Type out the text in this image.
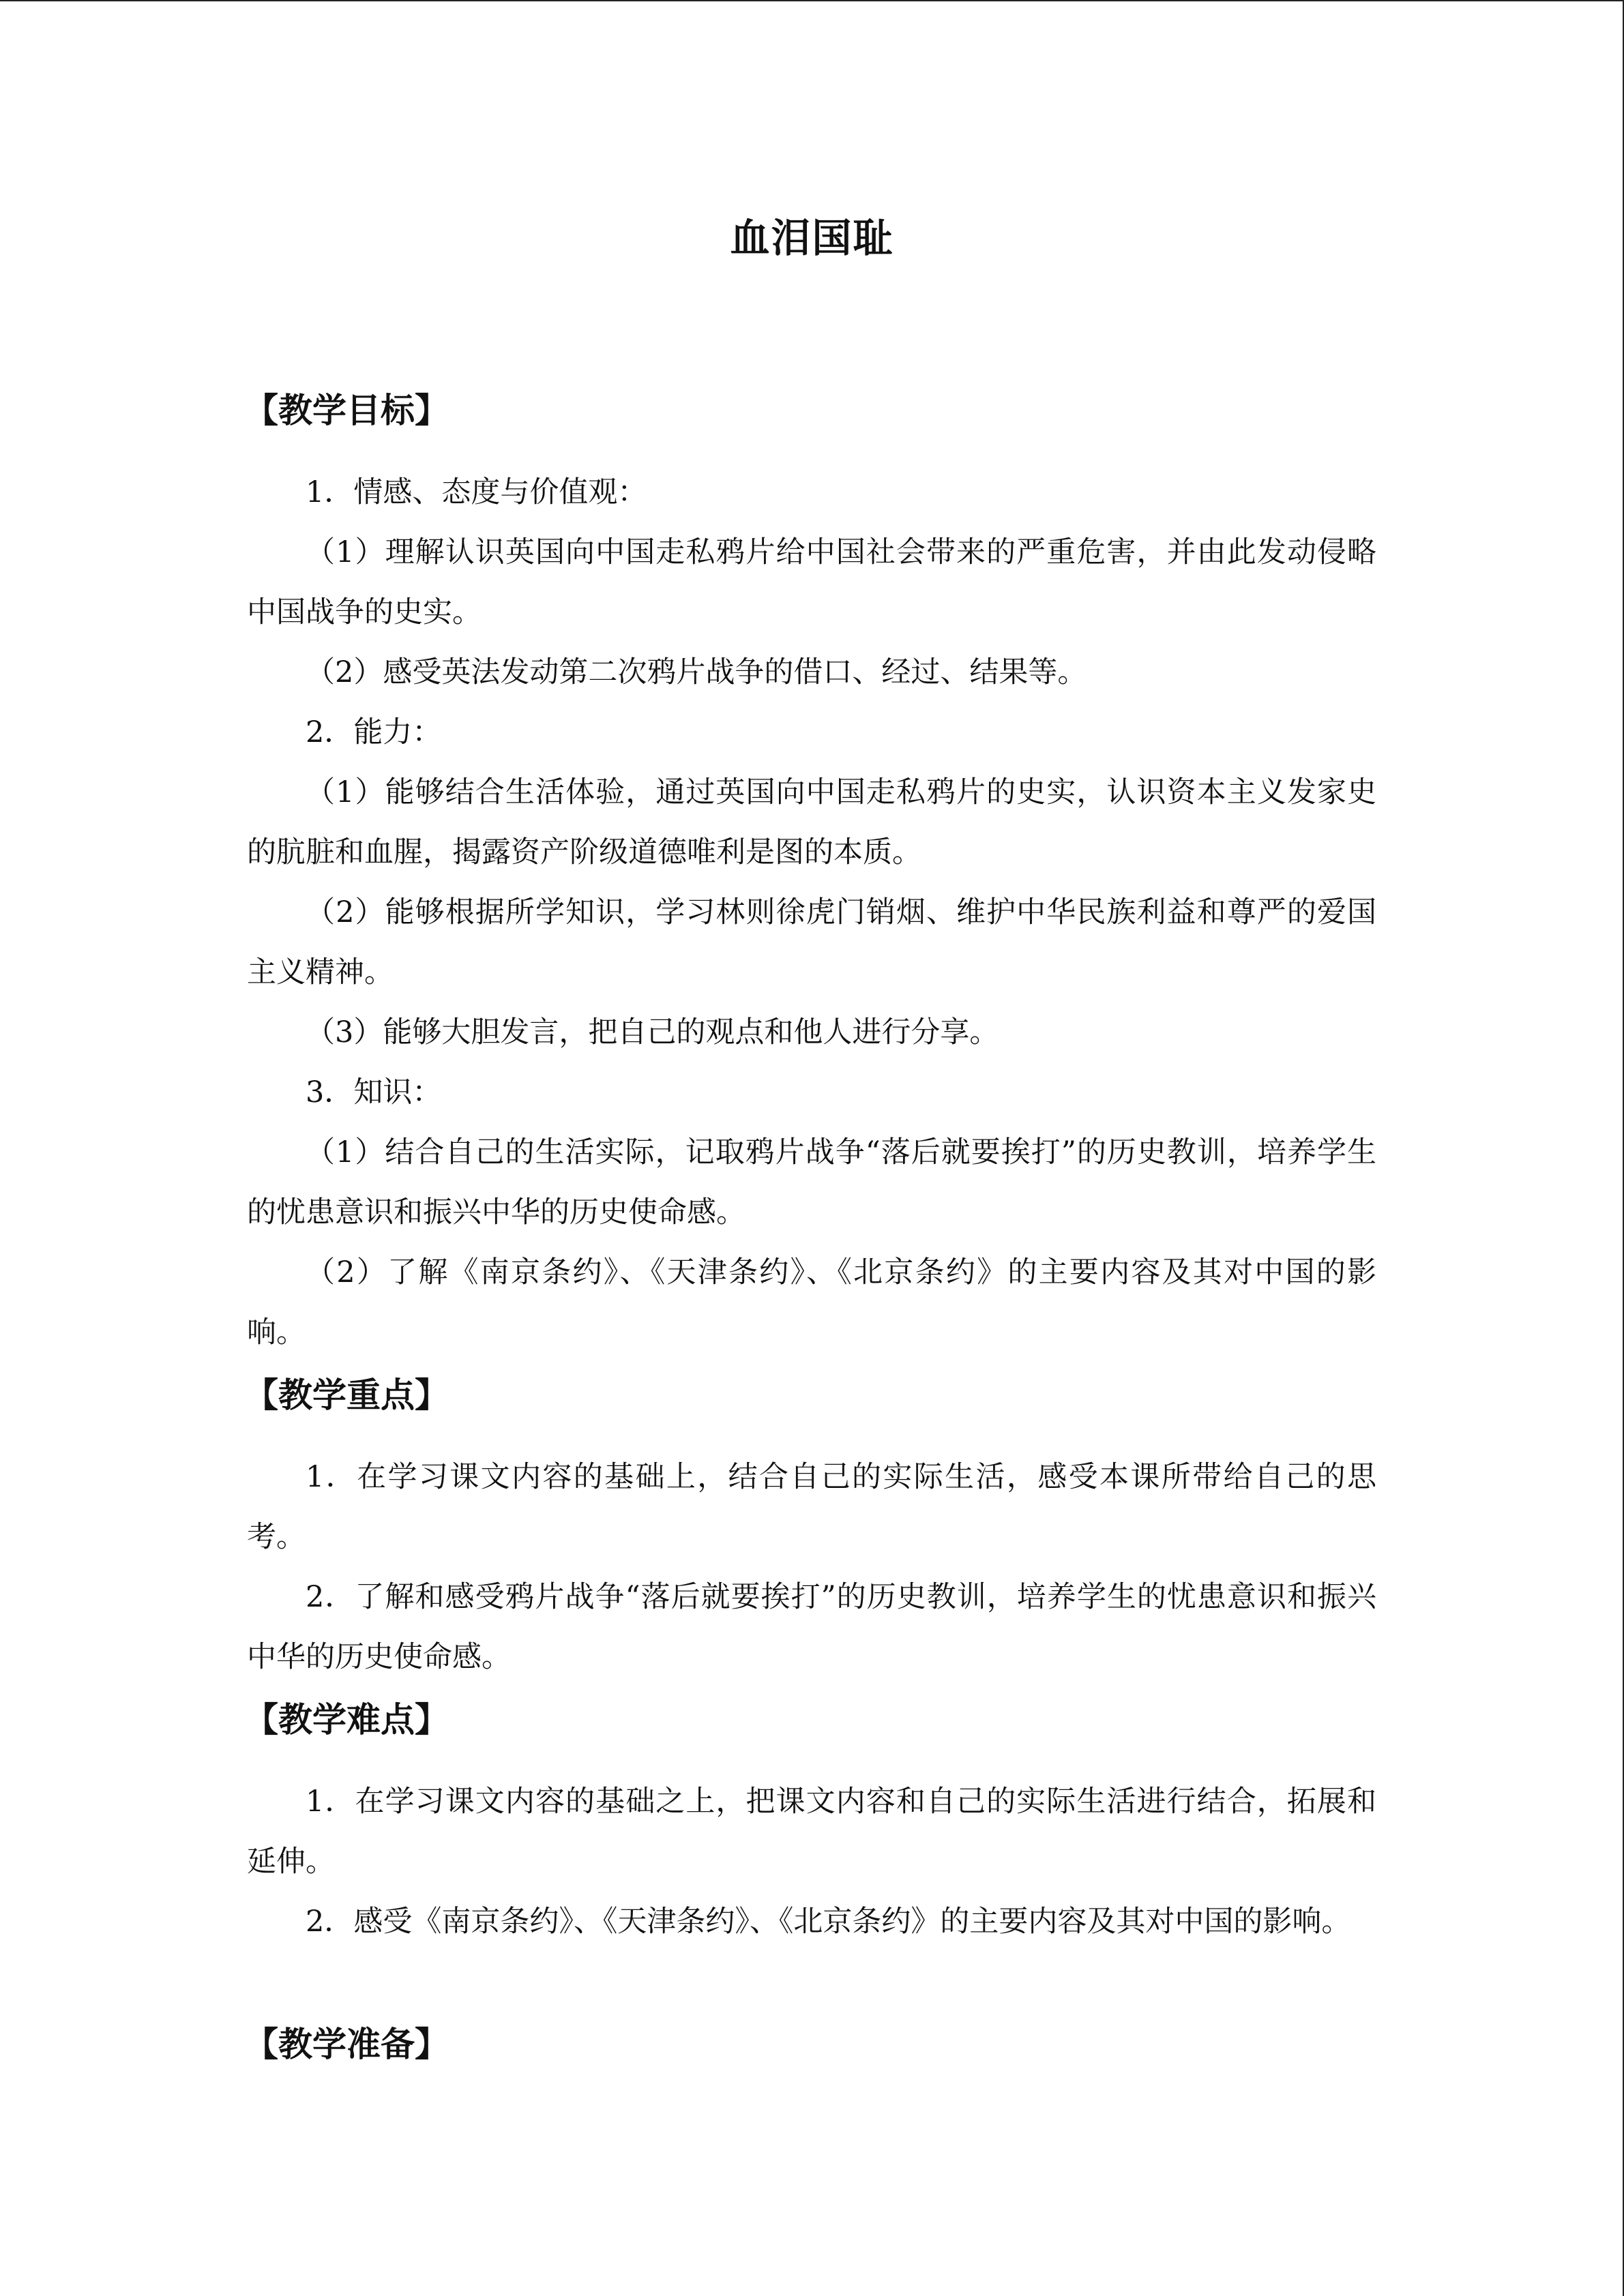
血泪国耻
【教学目标】
1．情感、态度与价值观：
（1）理解认识英国向中国走私鸦片给中国社会带来的严重危害，并由此发动侵略中国战争的史实。
（2）感受英法发动第二次鸦片战争的借口、经过、结果等。
2．能力：
（1）能够结合生活体验，通过英国向中国走私鸦片的史实，认识资本主义发家史的肮脏和血腥，揭露资产阶级道德唯利是图的本质。
（2）能够根据所学知识，学习林则徐虎门销烟、维护中华民族利益和尊严的爱国主义精神。
（3）能够大胆发言，把自己的观点和他人进行分享。
3．知识：
（1）结合自己的生活实际，记取鸦片战争“落后就要挨打”的历史教训，培养学生的忧患意识和振兴中华的历史使命感。
（2）了解《南京条约》、《天津条约》、《北京条约》的主要内容及其对中国的影响。
【教学重点】
1．在学习课文内容的基础上，结合自己的实际生活，感受本课所带给自己的思考。
2．了解和感受鸦片战争“落后就要挨打”的历史教训，培养学生的忧患意识和振兴中华的历史使命感。
【教学难点】
1．在学习课文内容的基础之上，把课文内容和自己的实际生活进行结合，拓展和延伸。
2．感受《南京条约》、《天津条约》、《北京条约》的主要内容及其对中国的影响。
【教学准备】
